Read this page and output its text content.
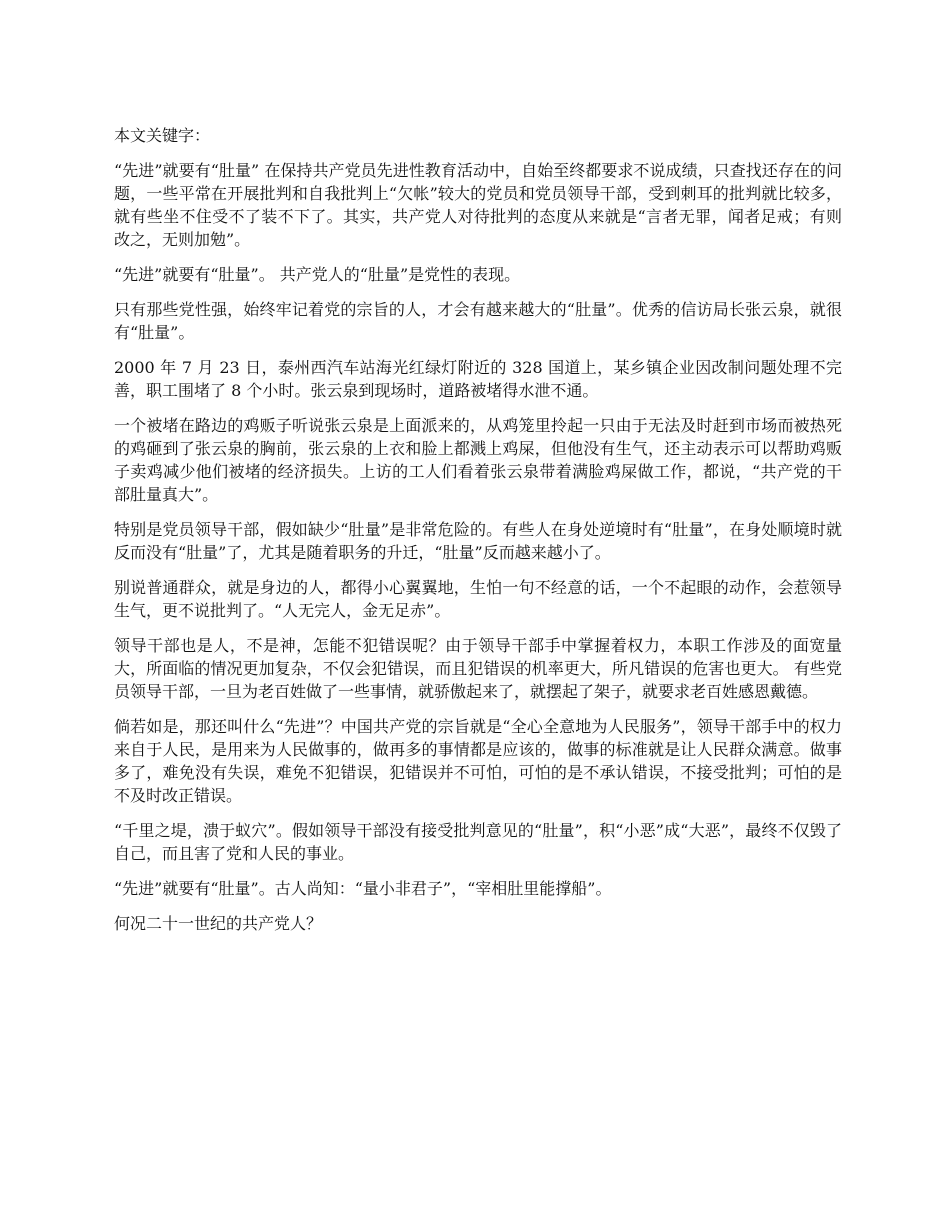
本文关键字：

“先进”就要有“肚量” 在保持共产党员先进性教育活动中，自始至终都要求不说成绩，只查找还存在的问题，一些平常在开展批判和自我批判上“欠帐”较大的党员和党员领导干部，受到刺耳的批判就比较多，就有些坐不住受不了装不下了。其实，共产党人对待批判的态度从来就是“言者无罪，闻者足戒；有则改之，无则加勉”。

“先进”就要有“肚量”。 共产党人的“肚量”是党性的表现。

只有那些党性强，始终牢记着党的宗旨的人，才会有越来越大的“肚量”。优秀的信访局长张云泉，就很有“肚量”。

2000 年 7 月 23 日，泰州西汽车站海光红绿灯附近的 328 国道上，某乡镇企业因改制问题处理不完善，职工围堵了 8 个小时。张云泉到现场时，道路被堵得水泄不通。

一个被堵在路边的鸡贩子听说张云泉是上面派来的，从鸡笼里拎起一只由于无法及时赶到市场而被热死的鸡砸到了张云泉的胸前，张云泉的上衣和脸上都溅上鸡屎，但他没有生气，还主动表示可以帮助鸡贩子卖鸡减少他们被堵的经济损失。上访的工人们看着张云泉带着满脸鸡屎做工作，都说，“共产党的干部肚量真大”。

特别是党员领导干部，假如缺少“肚量”是非常危险的。有些人在身处逆境时有“肚量”，在身处顺境时就反而没有“肚量”了，尤其是随着职务的升迁，“肚量”反而越来越小了。

别说普通群众，就是身边的人，都得小心翼翼地，生怕一句不经意的话，一个不起眼的动作，会惹领导生气，更不说批判了。“人无完人，金无足赤”。

领导干部也是人，不是神，怎能不犯错误呢？由于领导干部手中掌握着权力，本职工作涉及的面宽量大，所面临的情况更加复杂，不仅会犯错误，而且犯错误的机率更大，所凡错误的危害也更大。 有些党员领导干部，一旦为老百姓做了一些事情，就骄傲起来了，就摆起了架子，就要求老百姓感恩戴德。

倘若如是，那还叫什么“先进”？中国共产党的宗旨就是“全心全意地为人民服务”，领导干部手中的权力来自于人民，是用来为人民做事的，做再多的事情都是应该的，做事的标准就是让人民群众满意。做事多了，难免没有失误，难免不犯错误，犯错误并不可怕，可怕的是不承认错误，不接受批判；可怕的是不及时改正错误。

“千里之堤，溃于蚁穴”。假如领导干部没有接受批判意见的“肚量”，积“小恶”成“大恶”，最终不仅毁了自己，而且害了党和人民的事业。

“先进”就要有“肚量”。古人尚知：“量小非君子”，“宰相肚里能撑船”。

何况二十一世纪的共产党人？
